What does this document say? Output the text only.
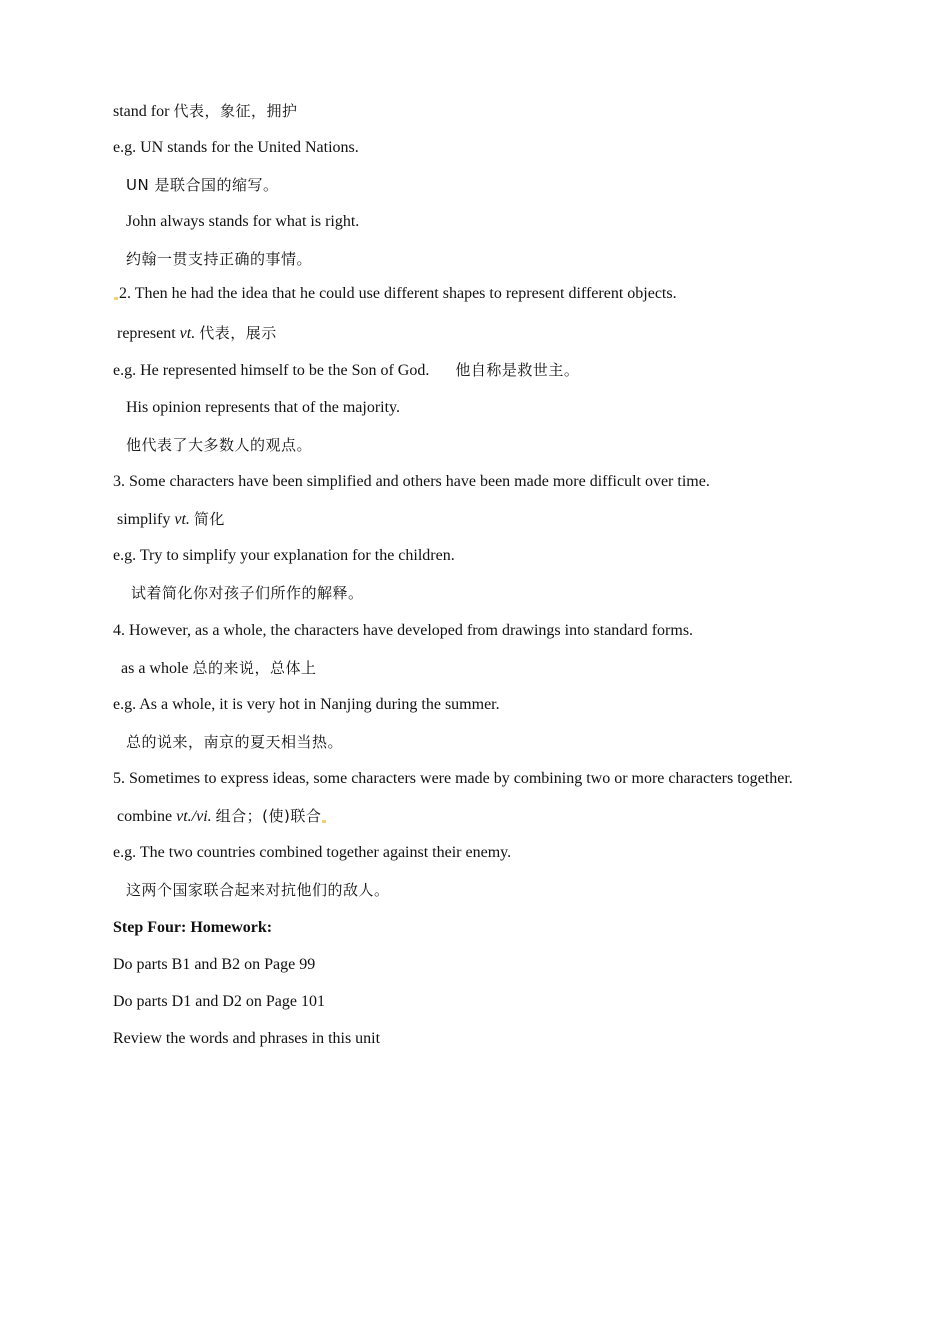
stand for 代表，象征，拥护
e.g. UN stands for the United Nations.
UN 是联合国的缩写。
John always stands for what is right.
约翰一贯支持正确的事情。
2. Then he had the idea that he could use different shapes to represent different objects.
represent vt. 代表，展示
e.g. He represented himself to be the Son of God. 他自称是救世主。
His opinion represents that of the majority.
他代表了大多数人的观点。
3. Some characters have been simplified and others have been made more difficult over time.
simplify vt. 简化
e.g. Try to simplify your explanation for the children.
试着简化你对孩子们所作的解释。
4. However, as a whole, the characters have developed from drawings into standard forms.
as a whole 总的来说，总体上
e.g. As a whole, it is very hot in Nanjing during the summer.
总的说来，南京的夏天相当热。
5. Sometimes to express ideas, some characters were made by combining two or more characters together.
combine vt./vi. 组合；(使)联合
e.g. The two countries combined together against their enemy.
这两个国家联合起来对抗他们的敌人。
Step Four: Homework:
Do parts B1 and B2 on Page 99
Do parts D1 and D2 on Page 101
Review the words and phrases in this unit
